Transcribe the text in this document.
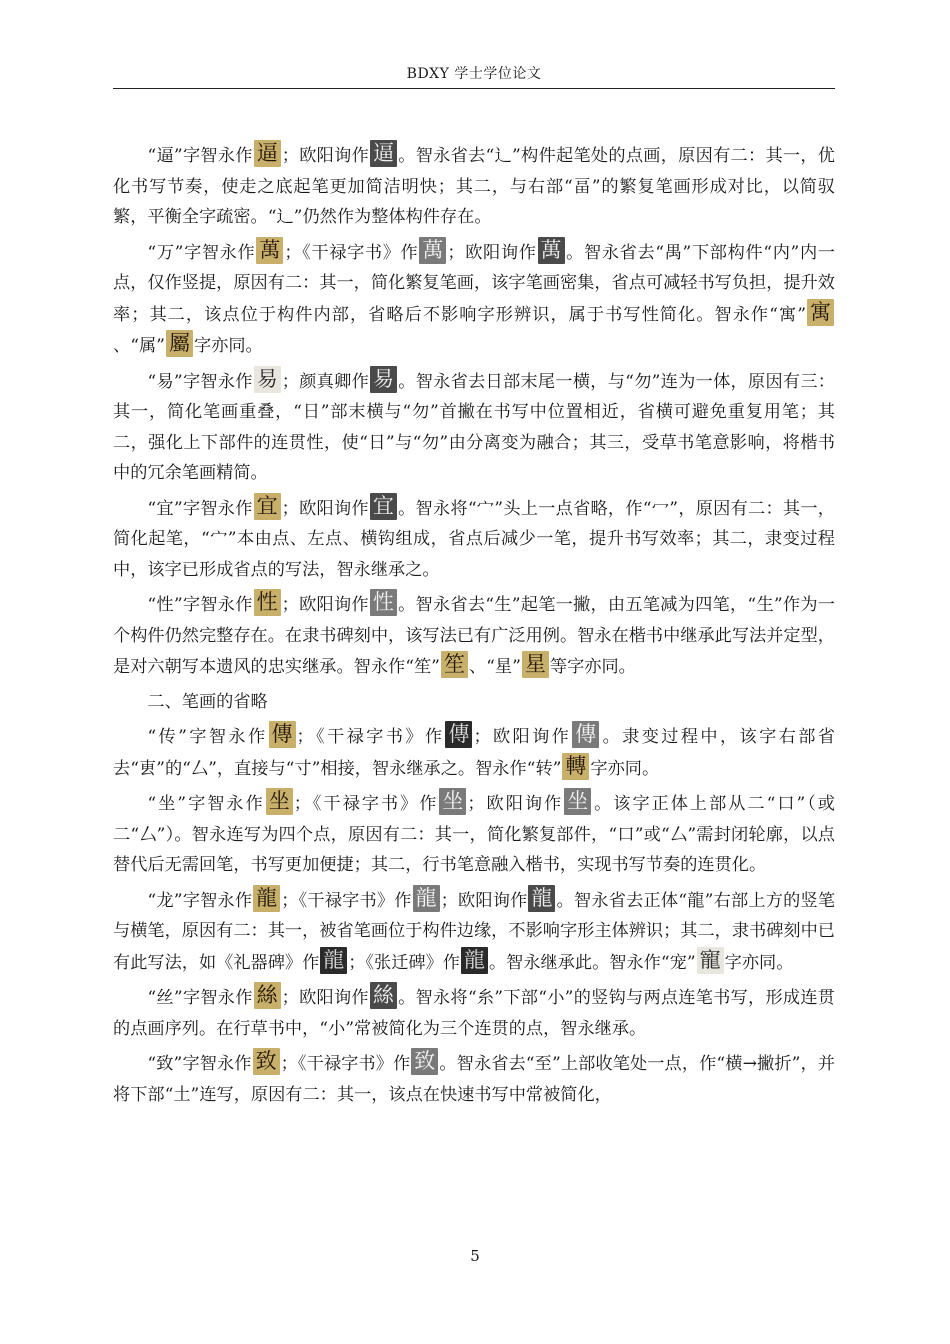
BDXY 学士学位论文

“逼”字智永作 逼 ；欧阳询作 逼 。智永省去“辶”构件起笔处的点画，原因有二：其一，优化书写节奏，使走之底起笔更加简洁明快；其二，与右部“畐”的繁复笔画形成对比，以简驭繁，平衡全字疏密。“辶”仍然作为整体构件存在。

“万”字智永作 萬 ；《干禄字书》作 萬 ；欧阳询作 萬 。智永省去“禺”下部构件“内”内一点，仅作竖提，原因有二：其一，简化繁复笔画，该字笔画密集，省点可减轻书写负担，提升效率；其二，该点位于构件内部，省略后不影响字形辨识，属于书写性简化。智永作“寓” 寓、“属” 屬 字亦同。

“易”字智永作 易 ；颜真卿作 易 。智永省去日部末尾一横，与“勿”连为一体，原因有三：其一，简化笔画重叠，“日”部末横与“勿”首撇在书写中位置相近，省横可避免重复用笔；其二，强化上下部件的连贯性，使“日”与“勿”由分离变为融合；其三，受草书笔意影响，将楷书中的冗余笔画精简。

“宜”字智永作 宜 ；欧阳询作 宜 。智永将“宀”头上一点省略，作“冖”，原因有二：其一，简化起笔，“宀”本由点、左点、横钩组成，省点后减少一笔，提升书写效率；其二，隶变过程中，该字已形成省点的写法，智永继承之。

“性”字智永作 性 ；欧阳询作 性 。智永省去“生”起笔一撇，由五笔减为四笔，“生”作为一个构件仍然完整存在。在隶书碑刻中，该写法已有广泛用例。智永在楷书中继承此写法并定型，是对六朝写本遗风的忠实继承。智永作“笙” 笙 、“星” 星 等字亦同。

二、笔画的省略

“传”字智永作 傳 ；《干禄字书》作 傳 ；欧阳询作 傳 。隶变过程中，该字右部省去“叀”的“厶”，直接与“寸”相接，智永继承之。智永作“转” 轉 字亦同。

“坐”字智永作 坐 ；《干禄字书》作 坐 ；欧阳询作 坐 。该字正体上部从二“口”（或二“厶”）。智永连写为四个点，原因有二：其一，简化繁复部件，“口”或“厶”需封闭轮廓，以点替代后无需回笔，书写更加便捷；其二，行书笔意融入楷书，实现书写节奏的连贯化。

“龙”字智永作 龍 ；《干禄字书》作 龍 ；欧阳询作 龍 。智永省去正体“龍”右部上方的竖笔与横笔，原因有二：其一，被省笔画位于构件边缘，不影响字形主体辨识；其二，隶书碑刻中已有此写法，如《礼器碑》作 龍 ；《张迁碑》作 龍 。智永继承此。智永作“宠” 寵 字亦同。

“丝”字智永作 絲 ；欧阳询作 絲 。智永将“糸”下部“小”的竖钩与两点连笔书写，形成连贯的点画序列。在行草书中，“小”常被简化为三个连贯的点，智永继承。

“致”字智永作 致 ；《干禄字书》作 致 。智永省去“至”上部收笔处一点，作“横→撇折”，并将下部“土”连写，原因有二：其一，该点在快速书写中常被简化，

5
